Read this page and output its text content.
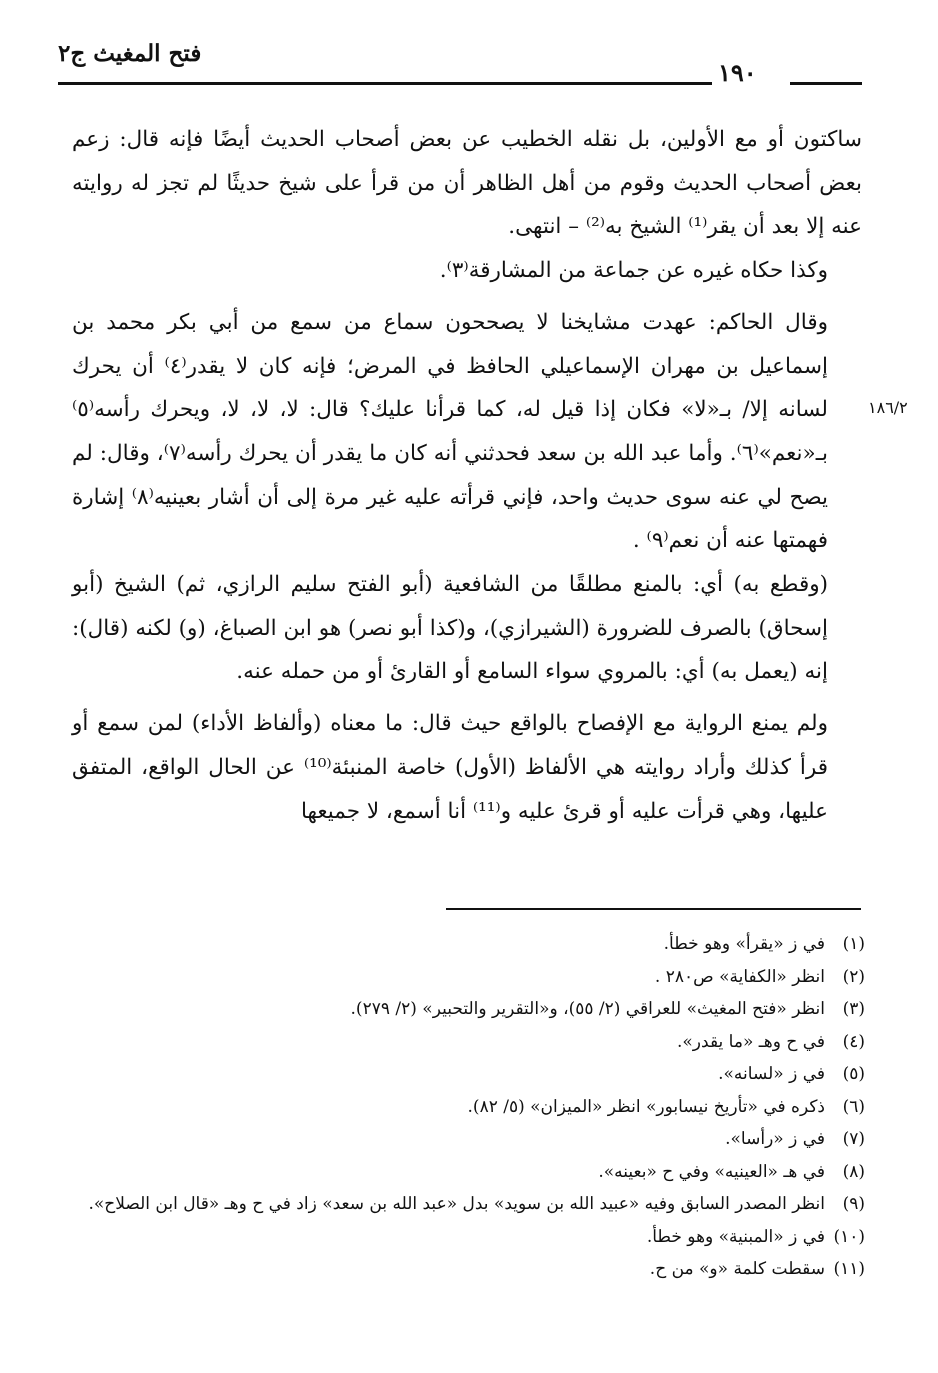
فتح المغيث ج٢
١٩٠
١٨٦/٢

ساكتون أو مع الأولين، بل نقله الخطيب عن بعض أصحاب الحديث أيضًا فإنه قال: زعم بعض أصحاب الحديث وقوم من أهل الظاهر أن من قرأ على شيخ حديثًا لم تجز له روايته عنه إلا بعد أن يقر⁽¹⁾ الشيخ به⁽²⁾ – انتهى.

وكذا حكاه غيره عن جماعة من المشارقة⁽٣⁾.

وقال الحاكم: عهدت مشايخنا لا يصححون سماع من سمع من أبي بكر محمد بن إسماعيل بن مهران الإسماعيلي الحافظ في المرض؛ فإنه كان لا يقدر⁽٤⁾ أن يحرك لسانه إلا/ بـ«لا» فكان إذا قيل له، كما قرأنا عليك؟ قال: لا، لا، لا، ويحرك رأسه⁽٥⁾ بـ«نعم»⁽٦⁾. وأما عبد الله بن سعد فحدثني أنه كان ما يقدر أن يحرك رأسه⁽٧⁾، وقال: لم يصح لي عنه سوى حديث واحد، فإني قرأته عليه غير مرة إلى أن أشار بعينيه⁽٨⁾ إشارة فهمتها عنه أن نعم⁽٩⁾ .

(وقطع به) أي: بالمنع مطلقًا من الشافعية (أبو الفتح سليم الرازي، ثم) الشيخ (أبو إسحاق) بالصرف للضرورة (الشيرازي)، و(كذا أبو نصر) هو ابن الصباغ، (و) لكنه (قال): إنه (يعمل به) أي: بالمروي سواء السامع أو القارئ أو من حمله عنه.

ولم يمنع الرواية مع الإفصاح بالواقع حيث قال: ما معناه (وألفاظ الأداء) لمن سمع أو قرأ كذلك وأراد روايته هي الألفاظ (الأول) خاصة المنبئة⁽¹⁰⁾ عن الحال الواقع، المتفق عليها، وهي قرأت عليه أو قرئ عليه و⁽¹¹⁾ أنا أسمع، لا جميعها

(١)
في ز «يقرأ» وهو خطأ.
(٢)
انظر «الكفاية» ص٢٨٠ .
(٣)
انظر «فتح المغيث» للعراقي (٢/ ٥٥)، و«التقرير والتحبير» (٢/ ٢٧٩).
(٤)
في ح وهـ «ما يقدر».
(٥)
في ز «لسانه».
(٦)
ذكره في «تأريخ نيسابور» انظر «الميزان» (٥/ ٨٢).
(٧)
في ز «رأسا».
(٨)
في هـ «العينيه» وفي ح «بعينه».
(٩)
انظر المصدر السابق وفيه «عبيد الله بن سويد» بدل «عبد الله بن سعد» زاد في ح وهـ «قال ابن الصلاح».
(١٠)
في ز «المبنية» وهو خطأ.
(١١)
سقطت كلمة «و» من ح.
